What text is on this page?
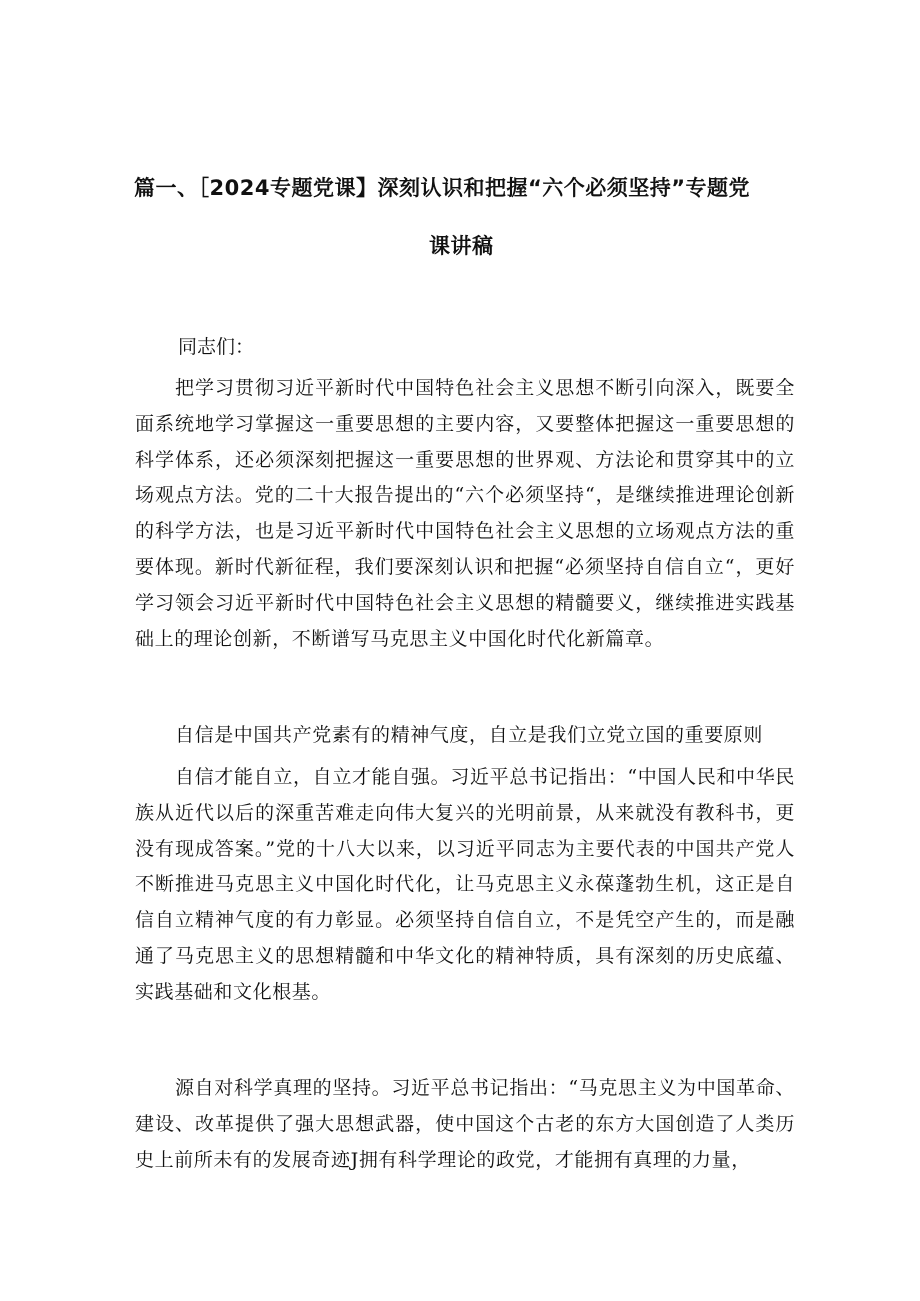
篇一、［2024专题党课】深刻认识和把握“六个必须坚持”专题党
课讲稿
同志们：
把学习贯彻习近平新时代中国特色社会主义思想不断引向深入，既要全面系统地学习掌握这一重要思想的主要内容，又要整体把握这一重要思想的科学体系，还必须深刻把握这一重要思想的世界观、方法论和贯穿其中的立场观点方法。党的二十大报告提出的“六个必须坚持“，是继续推进理论创新的科学方法，也是习近平新时代中国特色社会主义思想的立场观点方法的重要体现。新时代新征程，我们要深刻认识和把握“必须坚持自信自立“，更好学习领会习近平新时代中国特色社会主义思想的精髓要义，继续推进实践基础上的理论创新，不断谱写马克思主义中国化时代化新篇章。
自信是中国共产党素有的精神气度，自立是我们立党立国的重要原则
自信才能自立，自立才能自强。习近平总书记指出：“中国人民和中华民族从近代以后的深重苦难走向伟大复兴的光明前景，从来就没有教科书，更没有现成答案。”党的十八大以来，以习近平同志为主要代表的中国共产党人不断推进马克思主义中国化时代化，让马克思主义永葆蓬勃生机，这正是自信自立精神气度的有力彰显。必须坚持自信自立，不是凭空产生的，而是融通了马克思主义的思想精髓和中华文化的精神特质，具有深刻的历史底蕴、实践基础和文化根基。
源自对科学真理的坚持。习近平总书记指出：“马克思主义为中国革命、建设、改革提供了强大思想武器，使中国这个古老的东方大国创造了人类历史上前所未有的发展奇迹J拥有科学理论的政党，才能拥有真理的力量，
